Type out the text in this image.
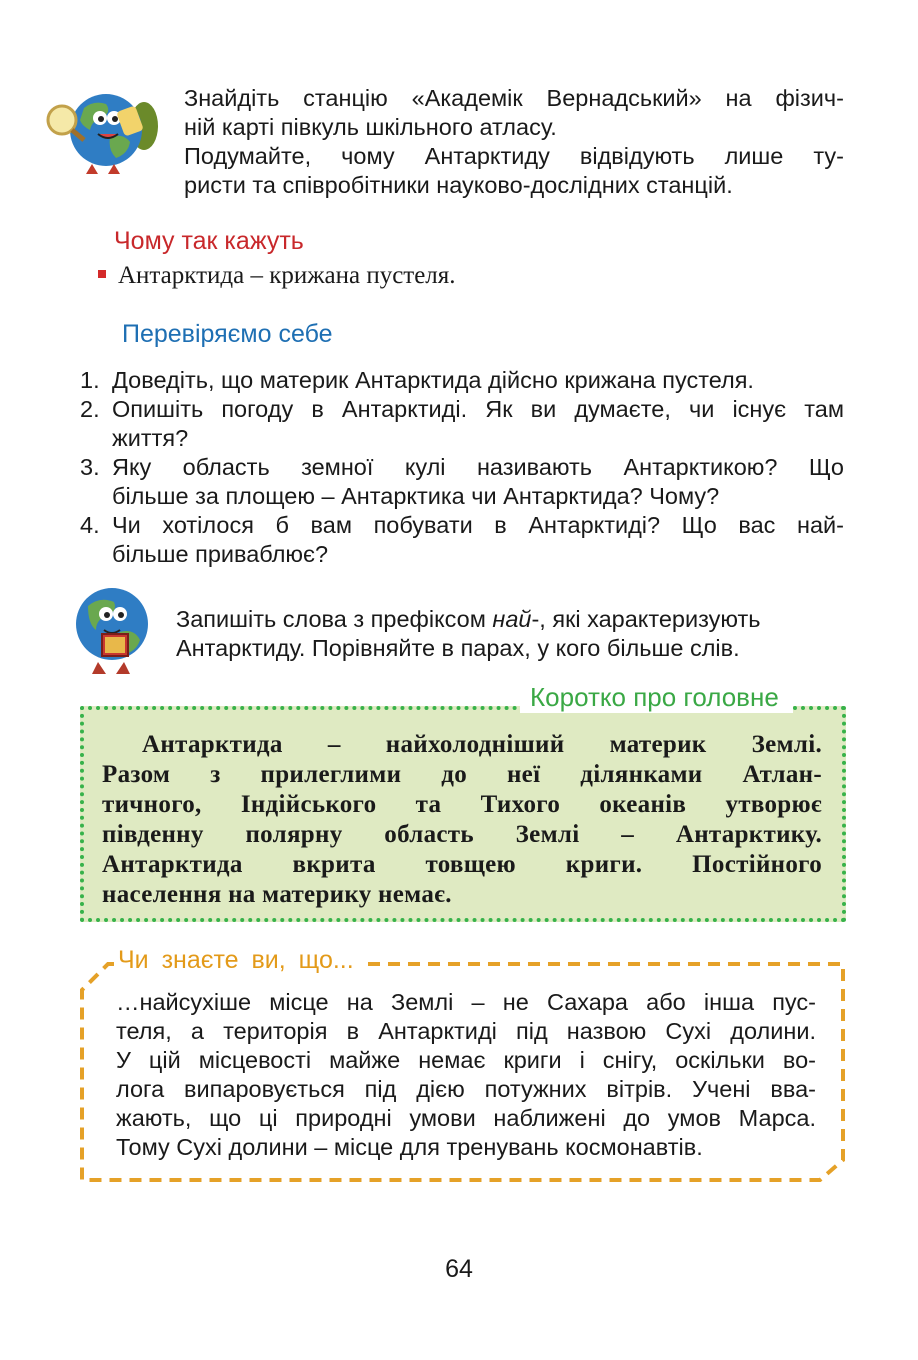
Знайдіть станцію «Академік Вернадський» на фізич-
ній карті півкуль шкільного атласу.
Подумайте, чому Антарктиду відвідують лише ту-
ристи та співробітники науково-дослідних станцій.
Чому так кажуть
Антарктида – крижана пустеля.
Перевіряємо себе
1. Доведіть, що материк Антарктида дійсно крижана пустеля.
2. Опишіть погоду в Антарктиді. Як ви думаєте, чи існує там
життя?
3. Яку область земної кулі називають Антарктикою? Що
більше за площею – Антарктика чи Антарктида? Чому?
4. Чи хотілося б вам побувати в Антарктиді? Що вас най-
більше приваблює?
Запишіть слова з префіксом най-, які характеризують
Антарктиду. Порівняйте в парах, у кого більше слів.
Коротко про головне
Антарктида – найхолодніший материк Землі.
Разом з прилеглими до неї ділянками Атлан-
тичного, Індійського та Тихого океанів утворює
південну полярну область Землі – Антарктику.
Антарктида вкрита товщею криги. Постійного
населення на материку немає.
Чи знаєте ви, що...
…найсухіше місце на Землі – не Сахара або інша пус-
теля, а територія в Антарктиді під назвою Сухі долини.
У цій місцевості майже немає криги і снігу, оскільки во-
лога випаровується під дією потужних вітрів. Учені вва-
жають, що ці природні умови наближені до умов Марса.
Тому Сухі долини – місце для тренувань космонавтів.
64
